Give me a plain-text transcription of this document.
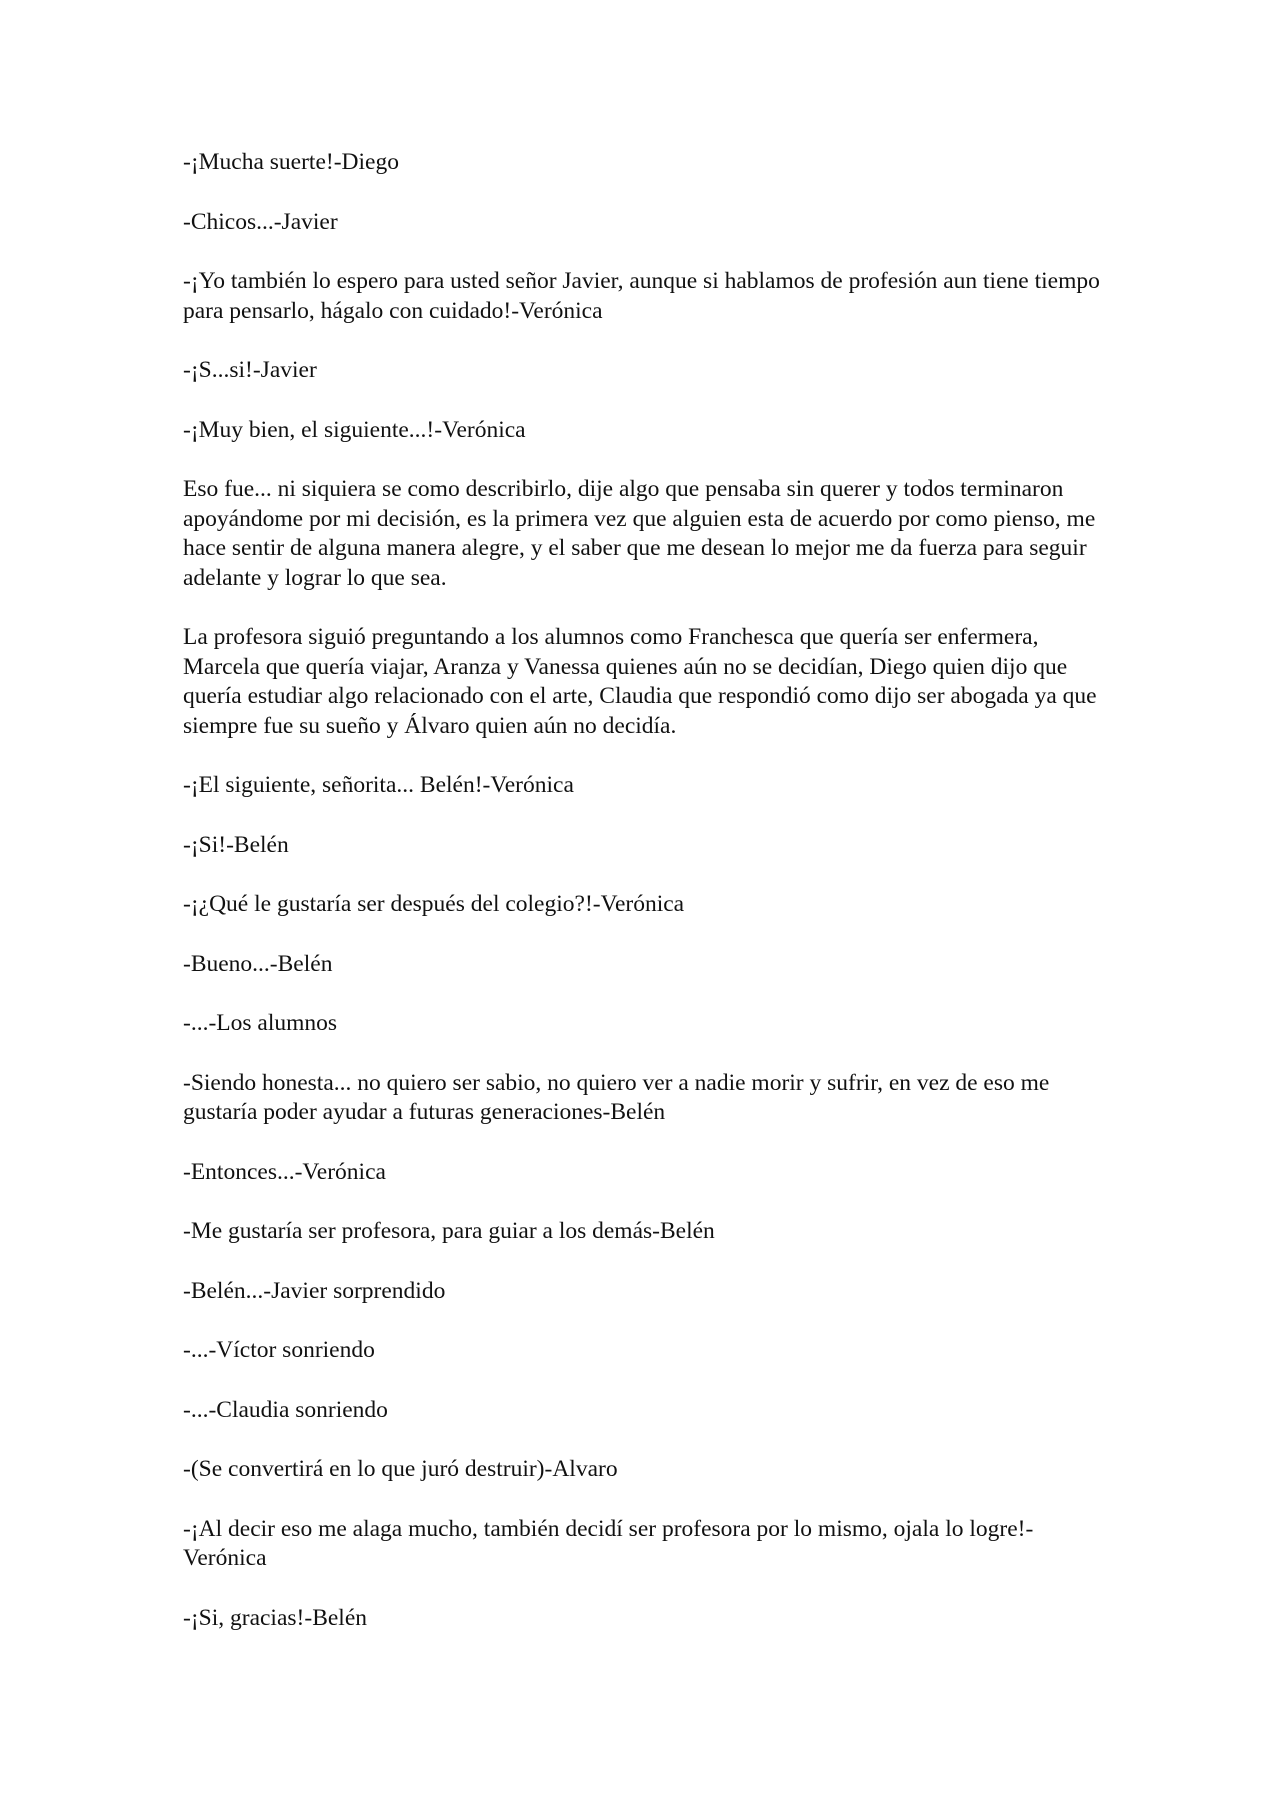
-¡Mucha suerte!-Diego

-Chicos...-Javier

-¡Yo también lo espero para usted señor Javier, aunque si hablamos de profesión aun tiene tiempo para pensarlo, hágalo con cuidado!-Verónica

-¡S...si!-Javier

-¡Muy bien, el siguiente...!-Verónica

Eso fue... ni siquiera se como describirlo, dije algo que pensaba sin querer y todos terminaron apoyándome por mi decisión, es la primera vez que alguien esta de acuerdo por como pienso, me hace sentir de alguna manera alegre, y el saber que me desean lo mejor me da fuerza para seguir adelante y lograr lo que sea.

La profesora siguió preguntando a los alumnos como Franchesca que quería ser enfermera, Marcela que quería viajar, Aranza y Vanessa quienes aún no se decidían, Diego quien dijo que quería estudiar algo relacionado con el arte, Claudia que respondió como dijo ser abogada ya que siempre fue su sueño y Álvaro quien aún no decidía.

-¡El siguiente, señorita... Belén!-Verónica

-¡Si!-Belén

-¡¿Qué le gustaría ser después del colegio?!-Verónica

-Bueno...-Belén

-...-Los alumnos

-Siendo honesta... no quiero ser sabio, no quiero ver a nadie morir y sufrir, en vez de eso me gustaría poder ayudar a futuras generaciones-Belén

-Entonces...-Verónica

-Me gustaría ser profesora, para guiar a los demás-Belén

-Belén...-Javier sorprendido

-...-Víctor sonriendo

-...-Claudia sonriendo

-(Se convertirá en lo que juró destruir)-Alvaro

-¡Al decir eso me alaga mucho, también decidí ser profesora por lo mismo, ojala lo logre!-Verónica

-¡Si, gracias!-Belén
